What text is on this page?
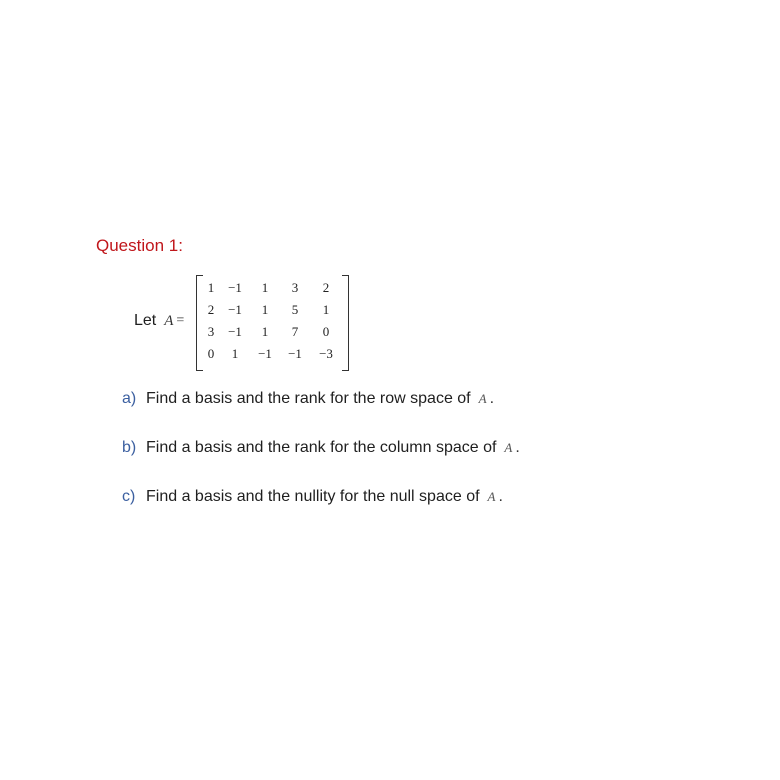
Question 1:
Let A =
1	−1	1	3	2
2	−1	1	5	1
3	−1	1	7	0
0	1	−1	−1	−3
a) Find a basis and the rank for the row space of A .
b) Find a basis and the rank for the column space of A .
c) Find a basis and the nullity for the null space of A .
